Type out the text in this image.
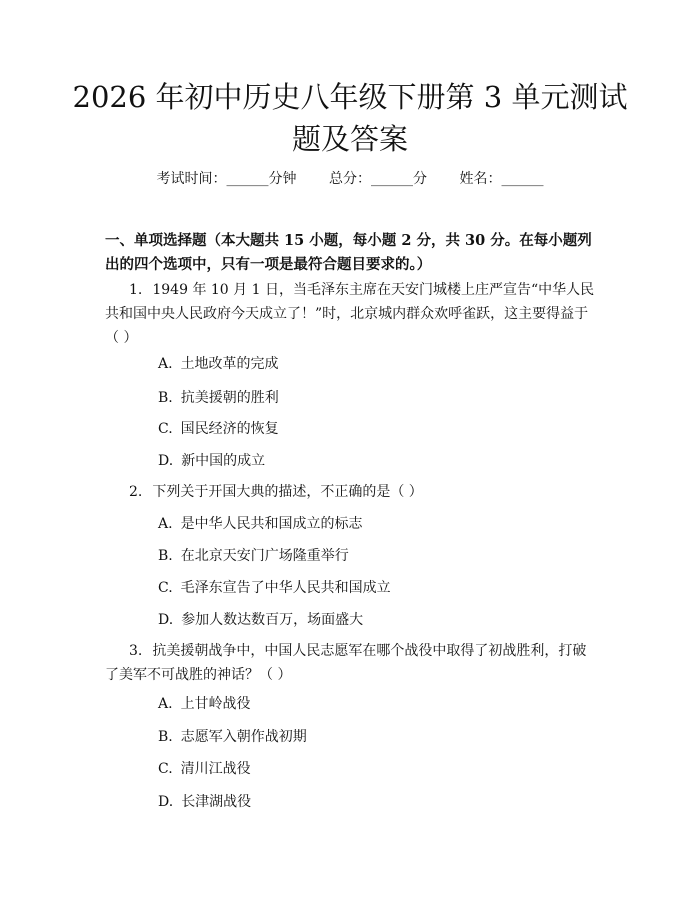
2026 年初中历史八年级下册第 3 单元测试题及答案
考试时间：______分钟 总分：______分 姓名：______

一、单项选择题（本大题共 15 小题，每小题 2 分，共 30 分。在每小题列出的四个选项中，只有一项是最符合题目要求的。）

1. 1949 年 10 月 1 日，当毛泽东主席在天安门城楼上庄严宣告“中华人民共和国中央人民政府今天成立了！”时，北京城内群众欢呼雀跃，这主要得益于（ ）

A. 土地改革的完成

B. 抗美援朝的胜利

C. 国民经济的恢复

D. 新中国的成立

2. 下列关于开国大典的描述，不正确的是（ ）

A. 是中华人民共和国成立的标志

B. 在北京天安门广场隆重举行

C. 毛泽东宣告了中华人民共和国成立

D. 参加人数达数百万，场面盛大

3. 抗美援朝战争中，中国人民志愿军在哪个战役中取得了初战胜利，打破了美军不可战胜的神话？（ ）

A. 上甘岭战役

B. 志愿军入朝作战初期

C. 清川江战役

D. 长津湖战役
